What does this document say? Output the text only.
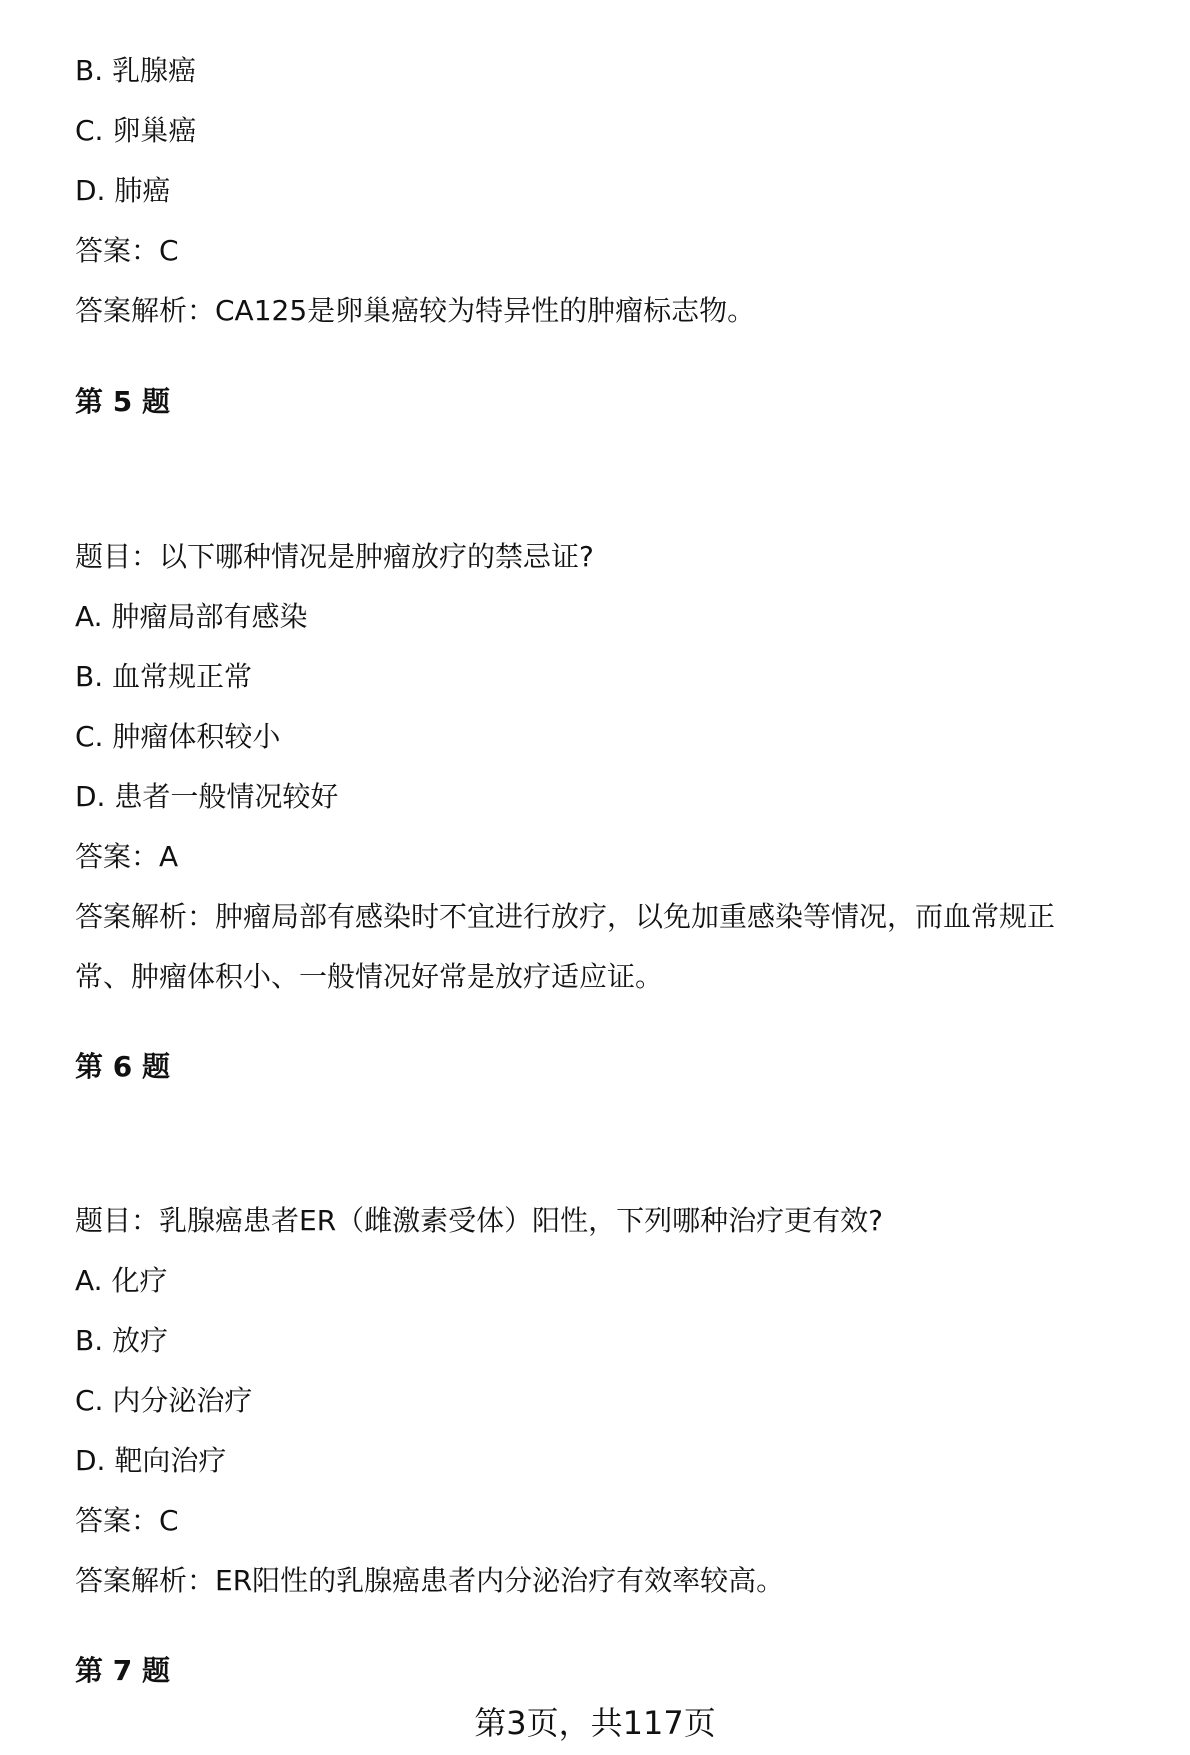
B. 乳腺癌
C. 卵巢癌
D. 肺癌
答案：C
答案解析：CA125是卵巢癌较为特异性的肿瘤标志物。
第 5 题
题目：以下哪种情况是肿瘤放疗的禁忌证?
A. 肿瘤局部有感染
B. 血常规正常
C. 肿瘤体积较小
D. 患者一般情况较好
答案：A
答案解析：肿瘤局部有感染时不宜进行放疗，以免加重感染等情况，而血常规正
常、肿瘤体积小、一般情况好常是放疗适应证。
第 6 题
题目：乳腺癌患者ER（雌激素受体）阳性，下列哪种治疗更有效?
A. 化疗
B. 放疗
C. 内分泌治疗
D. 靶向治疗
答案：C
答案解析：ER阳性的乳腺癌患者内分泌治疗有效率较高。
第 7 题
第3页，共117页
